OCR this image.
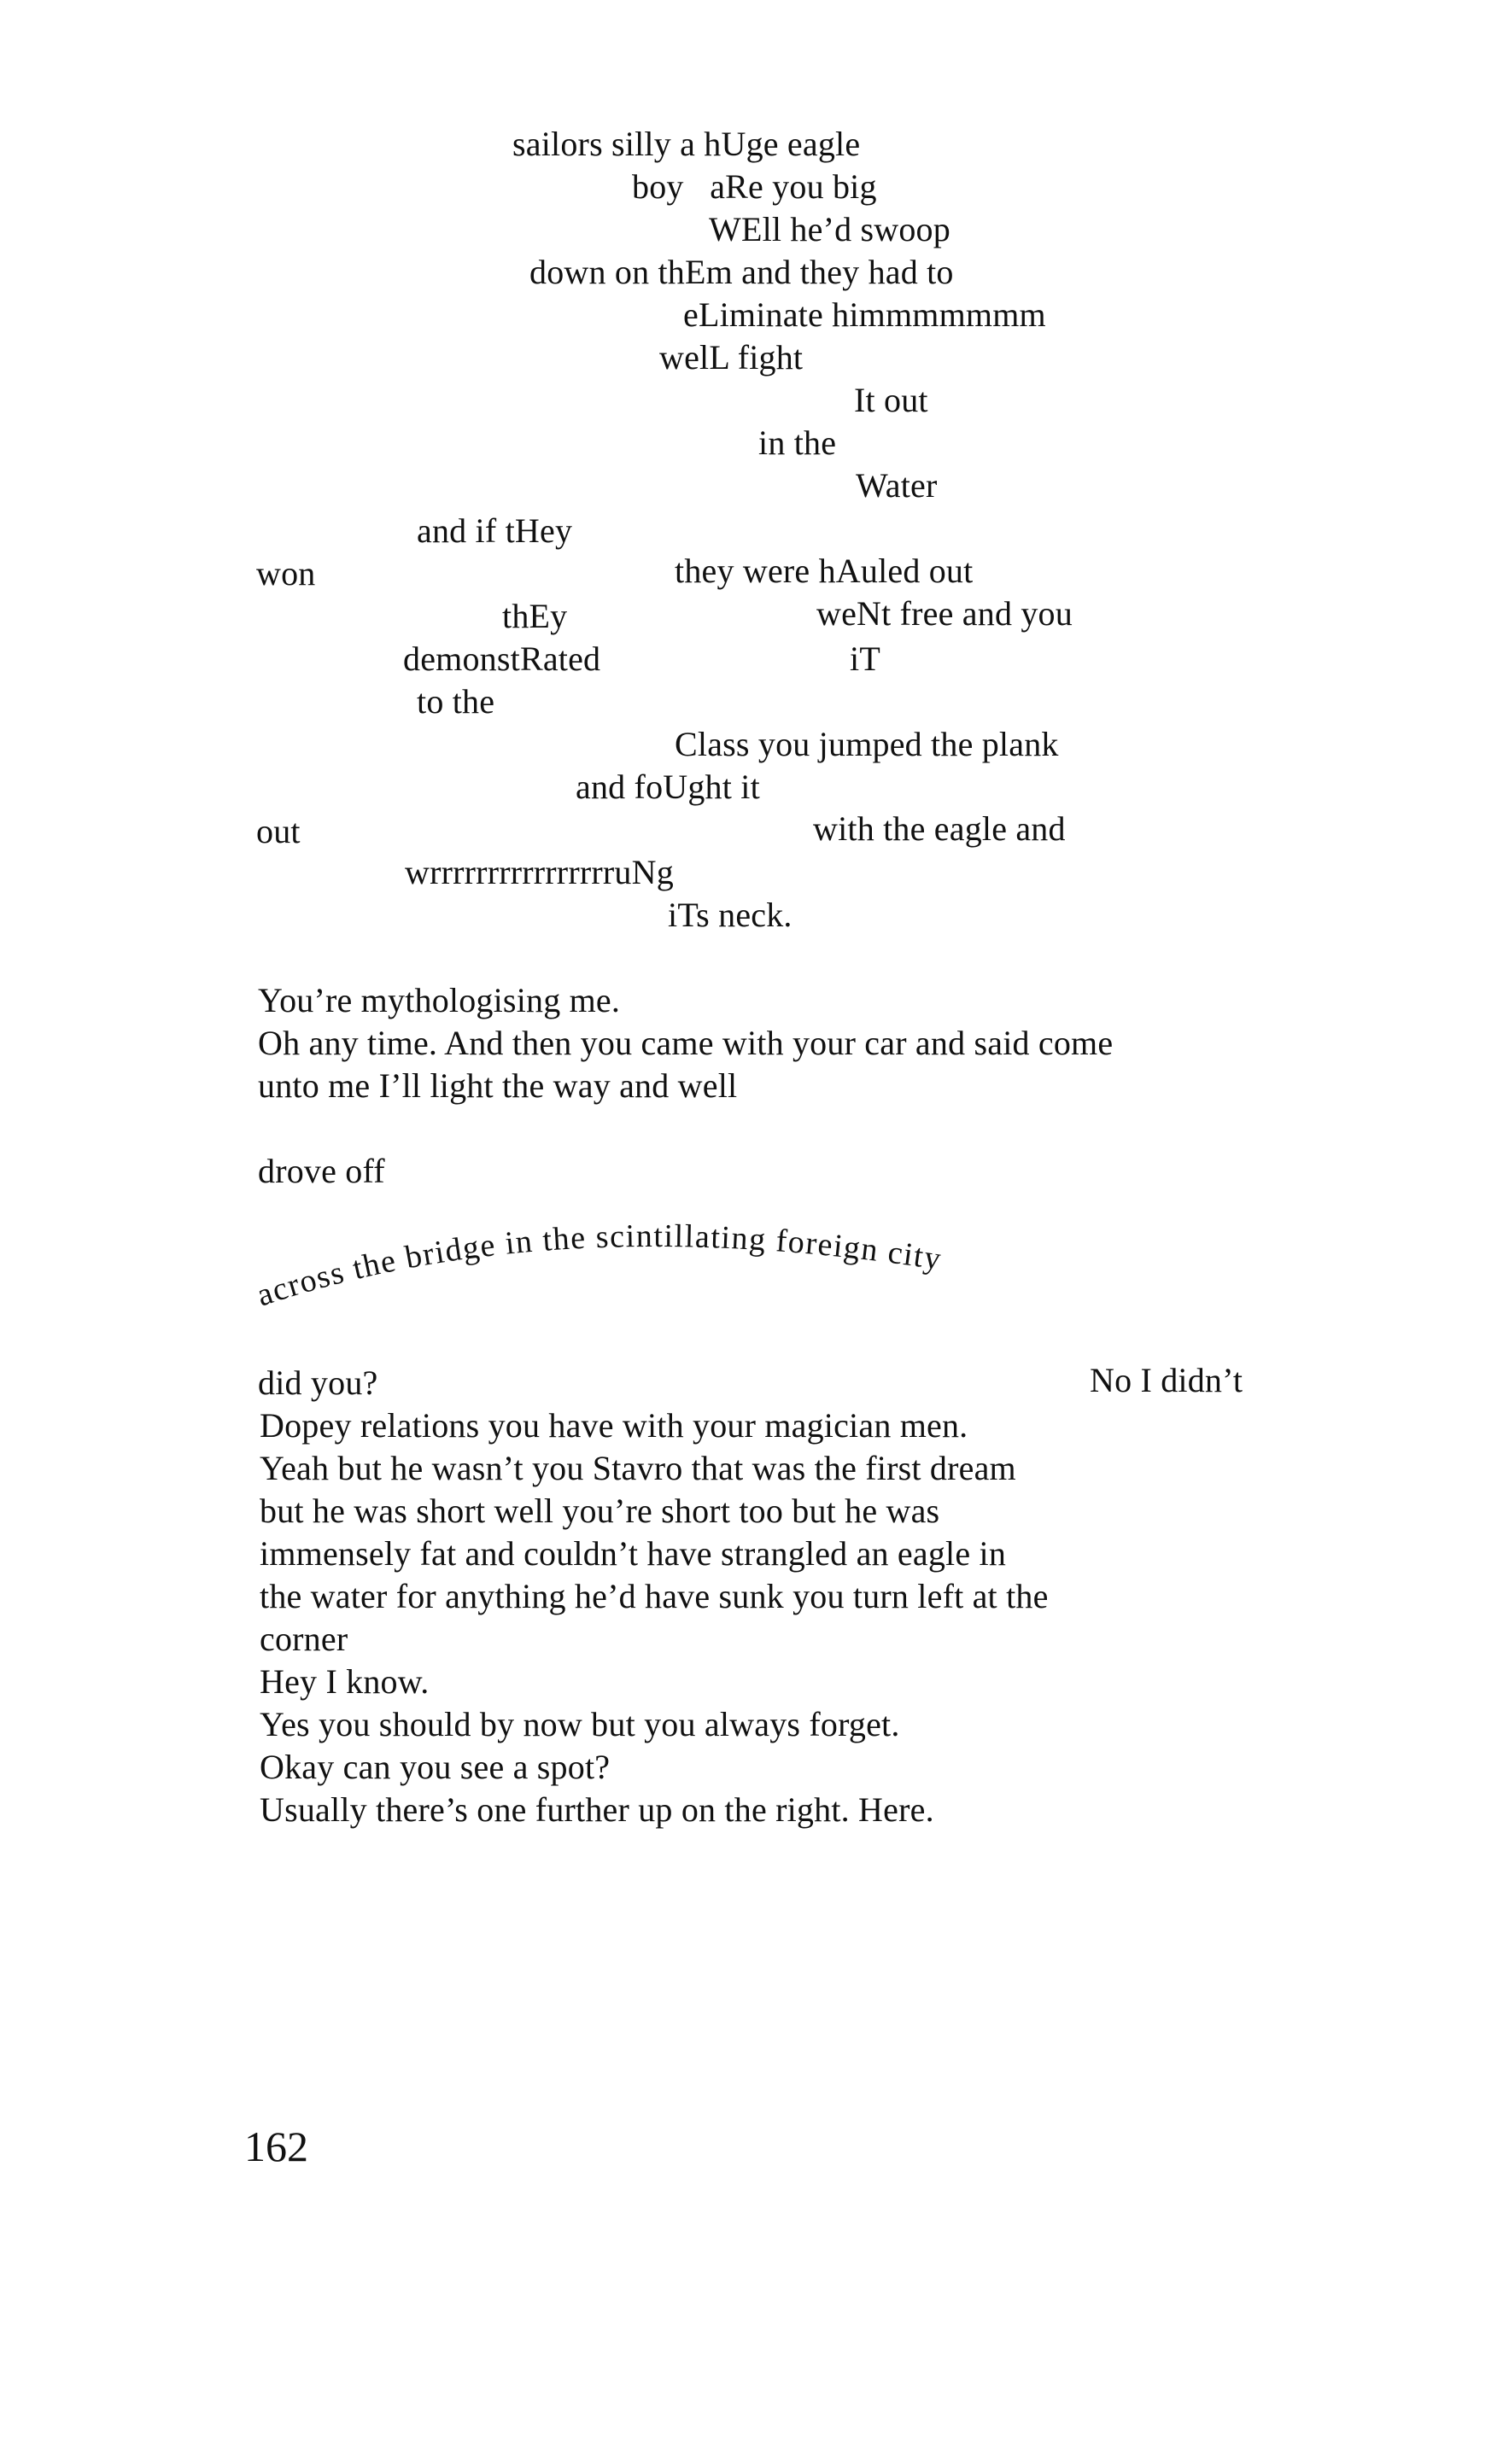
sailors silly a hUge eagle
boy   aRe you big
WEll he’d swoop
down on thEm and they had to
eLiminate himmmmmmm
welL fight
It out
in the
Water
and if tHey
won	they were hAuled out
thEy	weNt free and you
demonstRated	iT
to the
Class you jumped the plank
and foUght it
out	with the eagle and
wrrrrrrrrrrrrrrrruNg
iTs neck.
You’re mythologising me.
Oh any time. And then you came with your car and said come
unto me I’ll light the way and well
drove off
across the bridge in the scintillating foreign city
did you?	No I didn’t
Dopey relations you have with your magician men.
Yeah but he wasn’t you Stavro that was the first dream
but he was short well you’re short too but he was
immensely fat and couldn’t have strangled an eagle in
the water for anything he’d have sunk you turn left at the
corner
Hey I know.
Yes you should by now but you always forget.
Okay can you see a spot?
Usually there’s one further up on the right. Here.
162
